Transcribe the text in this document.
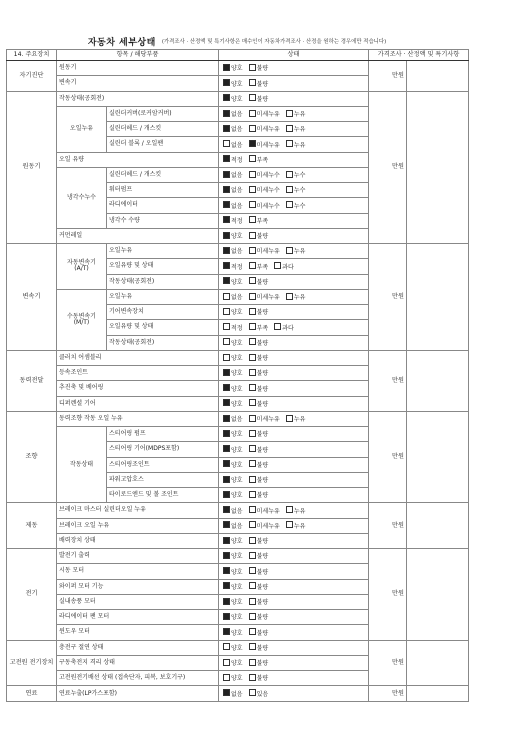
자동차 세부상태 (가격조사 · 산정액 및 특기사항은 매수인이 자동차가격조사 · 산정을 원하는 경우에만 적습니다)
14. 주요장치	항목 / 해당부품		상태	가격조사 · 산정액 및 특기사항	
자기진단	원동기		양호 불량	만원	
	변속기		양호 불량		
원동기	작동상태(공회전)		양호 불량	만원	
	오일누유	실린더커버(로커암커버)	없음 미세누유 누유		
		실린더헤드 / 개스킷	없음 미세누유 누유		
		실린더 블록 / 오일팬	없음 미세누유 누유		
	오일 유량		적정 부족		
	냉각수누수	실린더헤드 / 개스킷	없음 미세누수 누수		
		워터펌프	없음 미세누수 누수		
		라디에이터	없음 미세누수 누수		
		냉각수 수량	적정 부족		
	커먼레일		양호 불량		
변속기	자동변속기 (A/T)	오일누유	없음 미세누유 누유	만원	
		오일유량 및 상태	적정 부족 과다		
		작동상태(공회전)	양호 불량		
	수동변속기 (M/T)	오일누유	없음 미세누유 누유		
		기어변속장치	양호 불량		
		오일유량 및 상태	적정 부족 과다		
		작동상태(공회전)	양호 불량		
동력전달	클러치 어셈블리		양호 불량	만원	
	등속조인트		양호 불량		
	추진축 및 베어링		양호 불량		
	디퍼렌셜 기어		양호 불량		
조향	동력조향 작동 오일 누유		없음 미세누유 누유	만원	
	작동상태	스티어링 펌프	양호 불량		
		스티어링 기어(MDPS포함)	양호 불량		
		스티어링조인트	양호 불량		
		파워고압호스	양호 불량		
		타이로드엔드 및 볼 조인트	양호 불량		
제동	브레이크 마스터 실린더오일 누유		없음 미세누유 누유	만원	
	브레이크 오일 누유		없음 미세누유 누유		
	배력장치 상태		양호 불량		
전기	발전기 출력		양호 불량	만원	
	시동 모터		양호 불량		
	와이퍼 모터 기능		양호 불량		
	실내송풍 모터		양호 불량		
	라디에이터 팬 모터		양호 불량		
	윈도우 모터		양호 불량		
고전원 전기장치	충전구 절연 상태		양호 불량	만원	
	구동축전지 격리 상태		양호 불량		
	고전원전기배선 상태 (접속단자, 피복, 보호기구)		양호 불량		
연료	연료누출(LP가스포함)		없음 있음	만원	
